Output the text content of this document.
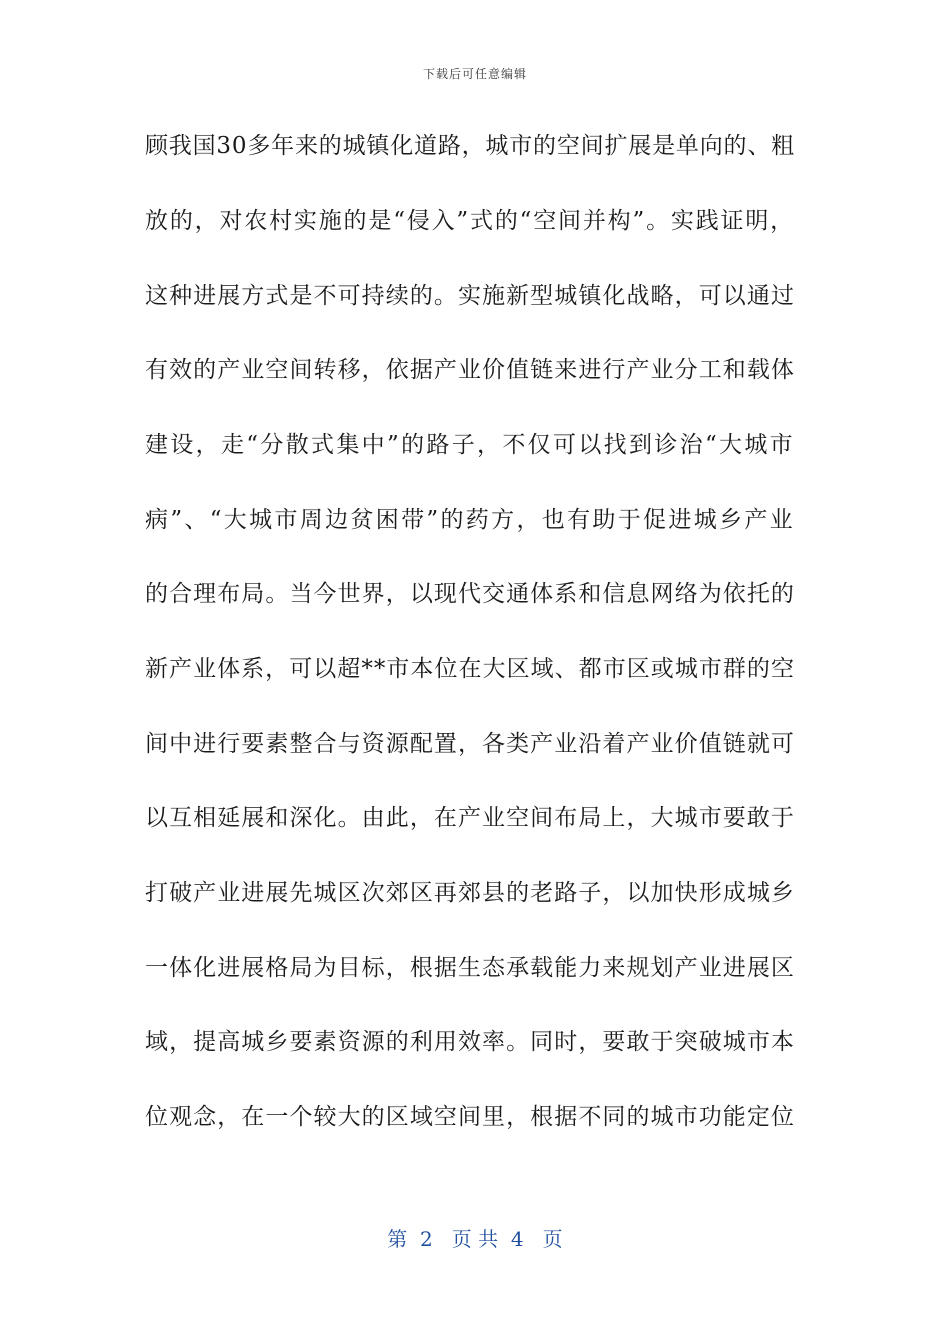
下载后可任意编辑
顾我国30多年来的城镇化道路，城市的空间扩展是单向的、粗
放的，对农村实施的是“侵入”式的“空间并构”。实践证明，
这种进展方式是不可持续的。实施新型城镇化战略，可以通过
有效的产业空间转移，依据产业价值链来进行产业分工和载体
建设，走“分散式集中”的路子，不仅可以找到诊治“大城市
病”、“大城市周边贫困带”的药方，也有助于促进城乡产业
的合理布局。当今世界，以现代交通体系和信息网络为依托的
新产业体系，可以超**市本位在大区域、都市区或城市群的空
间中进行要素整合与资源配置，各类产业沿着产业价值链就可
以互相延展和深化。由此，在产业空间布局上，大城市要敢于
打破产业进展先城区次郊区再郊县的老路子，以加快形成城乡
一体化进展格局为目标，根据生态承载能力来规划产业进展区
域，提高城乡要素资源的利用效率。同时，要敢于突破城市本
位观念，在一个较大的区域空间里，根据不同的城市功能定位
第  2   页 共  4   页
